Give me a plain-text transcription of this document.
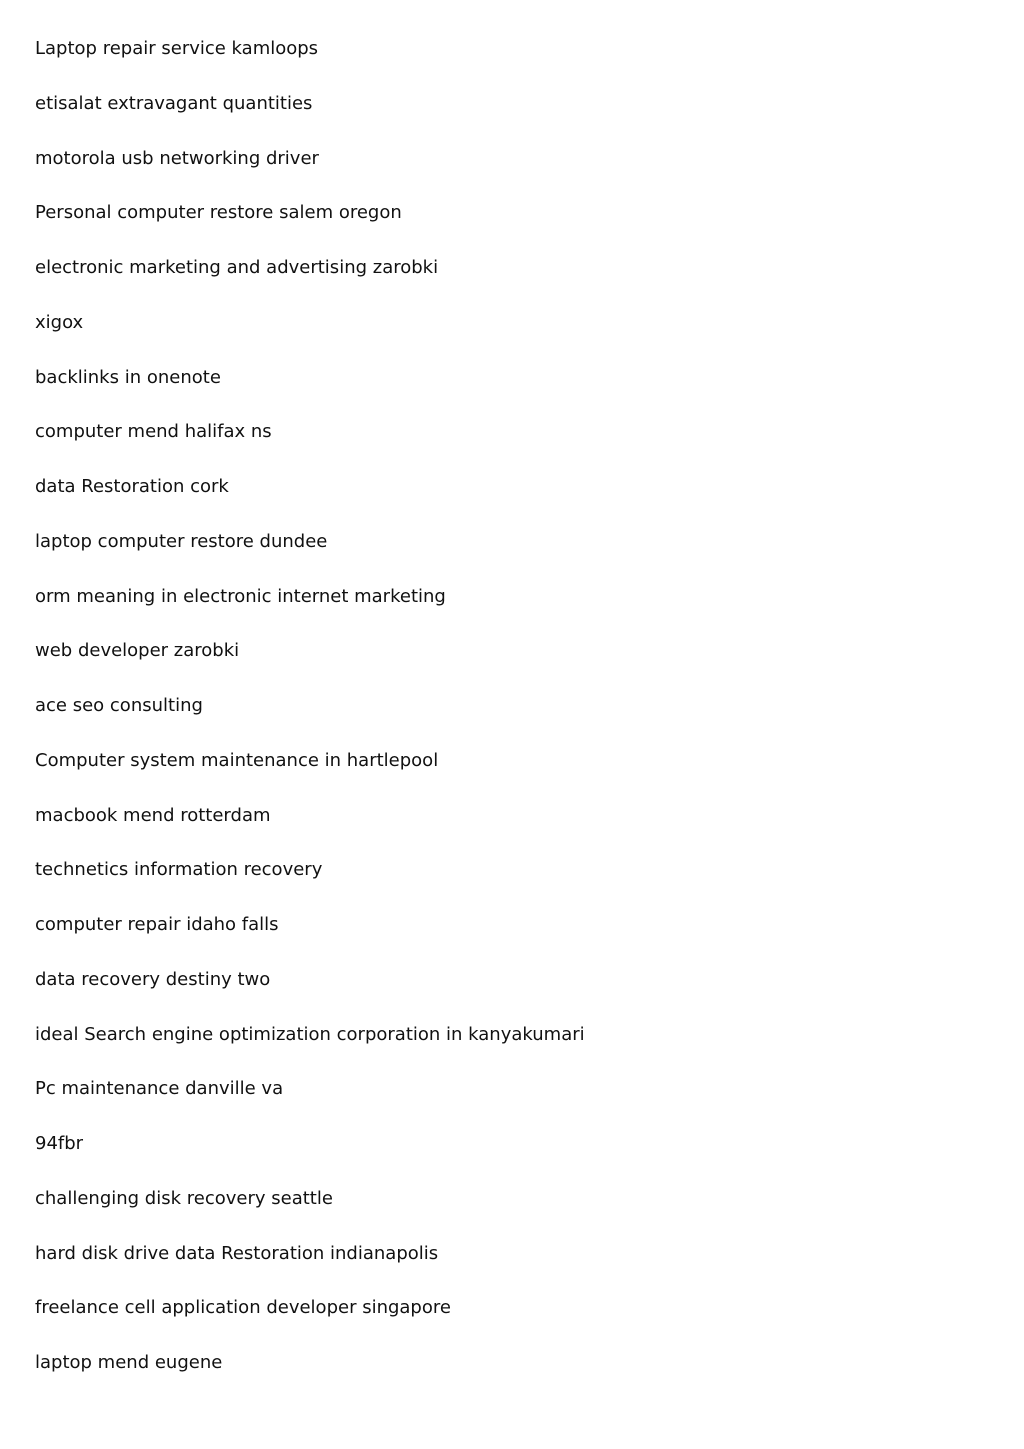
Laptop repair service kamloops
etisalat extravagant quantities
motorola usb networking driver
Personal computer restore salem oregon
electronic marketing and advertising zarobki
xigox
backlinks in onenote
computer mend halifax ns
data Restoration cork
laptop computer restore dundee
orm meaning in electronic internet marketing
web developer zarobki
ace seo consulting
Computer system maintenance in hartlepool
macbook mend rotterdam
technetics information recovery
computer repair idaho falls
data recovery destiny two
ideal Search engine optimization corporation in kanyakumari
Pc maintenance danville va
94fbr
challenging disk recovery seattle
hard disk drive data Restoration indianapolis
freelance cell application developer singapore
laptop mend eugene
